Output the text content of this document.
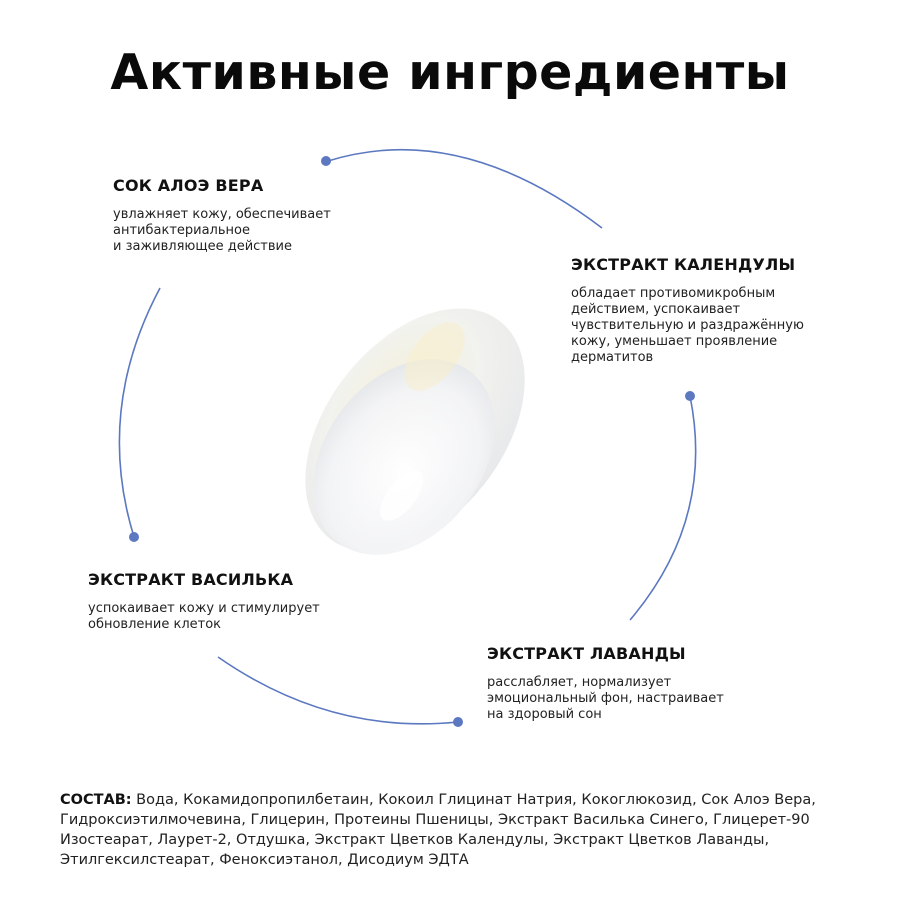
Активные ингредиенты
СОК АЛОЭ ВЕРА

увлажняет кожу, обеспечивает
антибактериальное
и заживляющее действие

ЭКСТРАКТ КАЛЕНДУЛЫ

обладает противомикробным
действием, успокаивает
чувствительную и раздражённую
кожу, уменьшает проявление
дерматитов

ЭКСТРАКТ ВАСИЛЬКА

успокаивает кожу и стимулирует
обновление клеток

ЭКСТРАКТ ЛАВАНДЫ

расслабляет, нормализует
эмоциональный фон, настраивает
на здоровый сон

СОСТАВ: Вода, Кокамидопропилбетаин, Кокоил Глицинат Натрия, Кокоглюкозид, Сок Алоэ Вера, Гидроксиэтилмочевина, Глицерин, Протеины Пшеницы, Экстракт Василька Синего, Глицерет-90 Изостеарат, Лаурет-2, Отдушка, Экстракт Цветков Календулы, Экстракт Цветков Лаванды, Этилгексилстеарат, Феноксиэтанол, Дисодиум ЭДТА
